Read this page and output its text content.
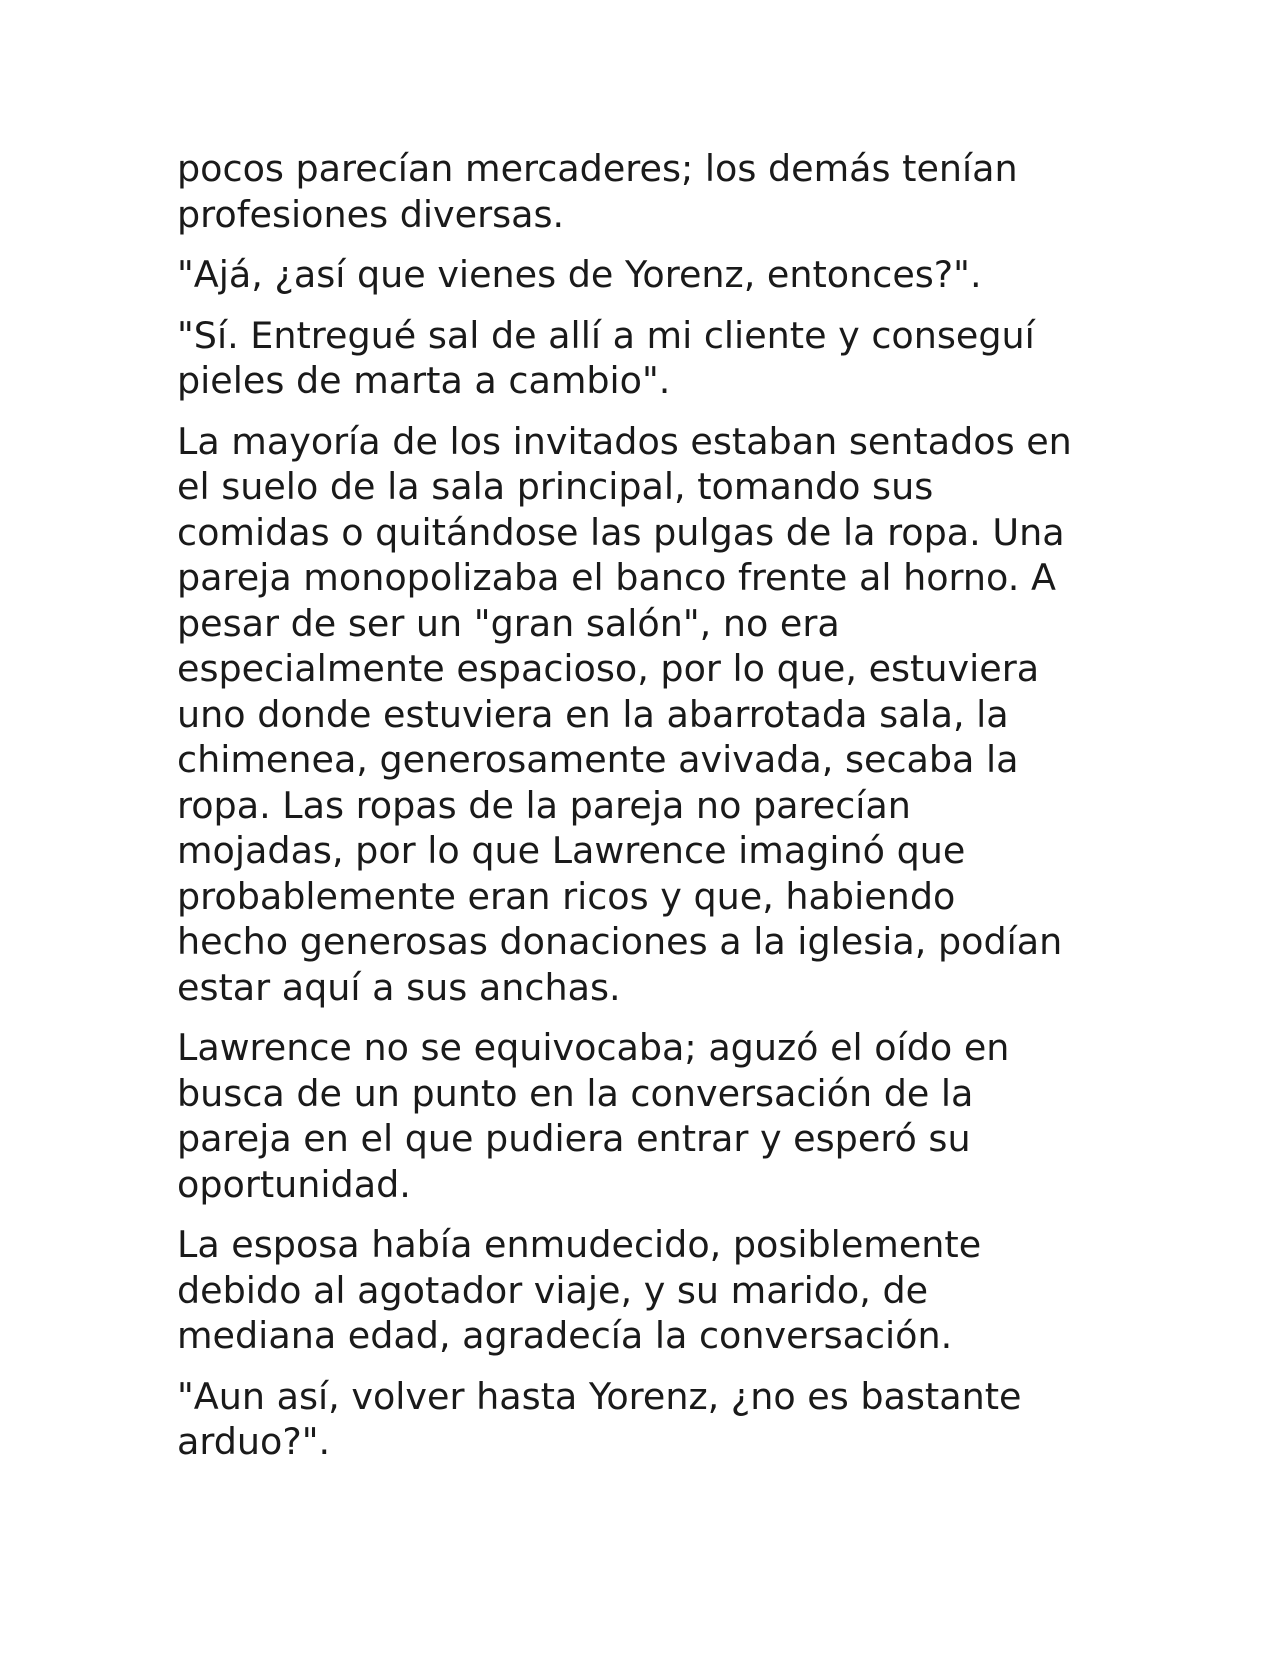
pocos parecían mercaderes; los demás tenían
profesiones diversas.

"Ajá, ¿así que vienes de Yorenz, entonces?".

"Sí. Entregué sal de allí a mi cliente y conseguí
pieles de marta a cambio".

La mayoría de los invitados estaban sentados en
el suelo de la sala principal, tomando sus
comidas o quitándose las pulgas de la ropa. Una
pareja monopolizaba el banco frente al horno. A
pesar de ser un "gran salón", no era
especialmente espacioso, por lo que, estuviera
uno donde estuviera en la abarrotada sala, la
chimenea, generosamente avivada, secaba la
ropa. Las ropas de la pareja no parecían
mojadas, por lo que Lawrence imaginó que
probablemente eran ricos y que, habiendo
hecho generosas donaciones a la iglesia, podían
estar aquí a sus anchas.

Lawrence no se equivocaba; aguzó el oído en
busca de un punto en la conversación de la
pareja en el que pudiera entrar y esperó su
oportunidad.

La esposa había enmudecido, posiblemente
debido al agotador viaje, y su marido, de
mediana edad, agradecía la conversación.

"Aun así, volver hasta Yorenz, ¿no es bastante
arduo?".
